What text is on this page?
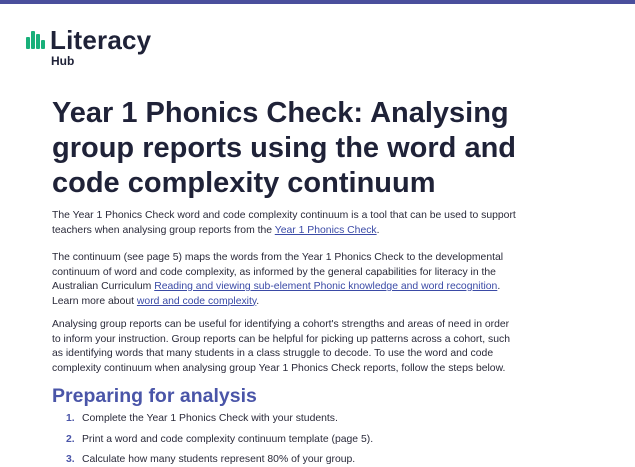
Literacy
Hub
Year 1 Phonics Check: Analysing
group reports using the word and
code complexity continuum
The Year 1 Phonics Check word and code complexity continuum is a tool that can be used to support
teachers when analysing group reports from the Year 1 Phonics Check.
The continuum (see page 5) maps the words from the Year 1 Phonics Check to the developmental
continuum of word and code complexity, as informed by the general capabilities for literacy in the
Australian Curriculum Reading and viewing sub-element Phonic knowledge and word recognition.
Learn more about word and code complexity.
Analysing group reports can be useful for identifying a cohort's strengths and areas of need in order
to inform your instruction. Group reports can be helpful for picking up patterns across a cohort, such
as identifying words that many students in a class struggle to decode. To use the word and code
complexity continuum when analysing group Year 1 Phonics Check reports, follow the steps below.
Preparing for analysis
1. Complete the Year 1 Phonics Check with your students.
2. Print a word and code complexity continuum template (page 5).
3. Calculate how many students represent 80% of your group.
